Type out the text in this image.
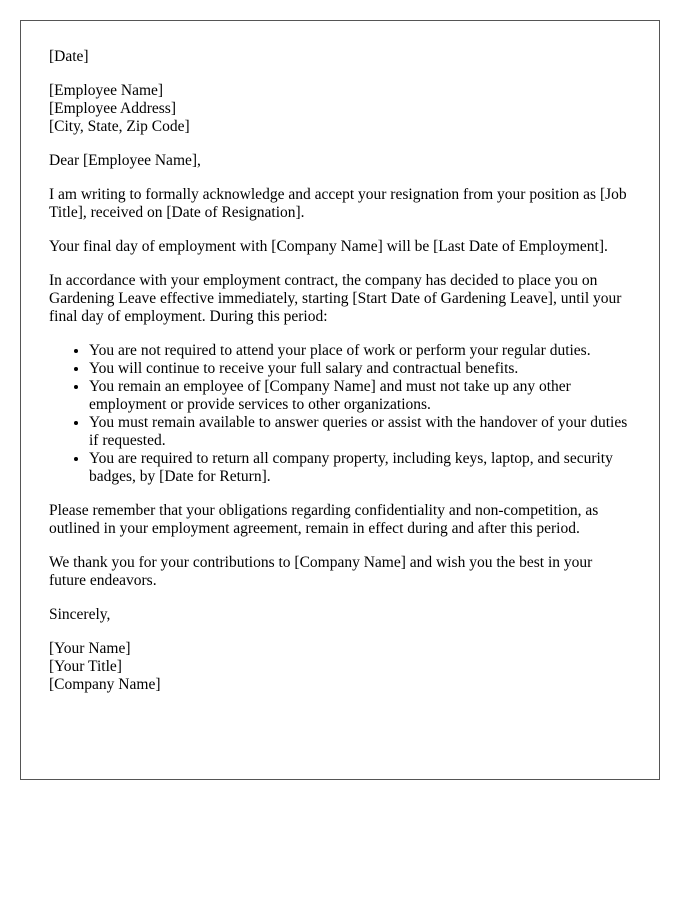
[Date]

[Employee Name]
[Employee Address]
[City, State, Zip Code]

Dear [Employee Name],

I am writing to formally acknowledge and accept your resignation from your position as [Job Title], received on [Date of Resignation].

Your final day of employment with [Company Name] will be [Last Date of Employment].

In accordance with your employment contract, the company has decided to place you on Gardening Leave effective immediately, starting [Start Date of Gardening Leave], until your final day of employment. During this period:

• You are not required to attend your place of work or perform your regular duties.
• You will continue to receive your full salary and contractual benefits.
• You remain an employee of [Company Name] and must not take up any other employment or provide services to other organizations.
• You must remain available to answer queries or assist with the handover of your duties if requested.
• You are required to return all company property, including keys, laptop, and security badges, by [Date for Return].

Please remember that your obligations regarding confidentiality and non-competition, as outlined in your employment agreement, remain in effect during and after this period.

We thank you for your contributions to [Company Name] and wish you the best in your future endeavors.

Sincerely,

[Your Name]
[Your Title]
[Company Name]
